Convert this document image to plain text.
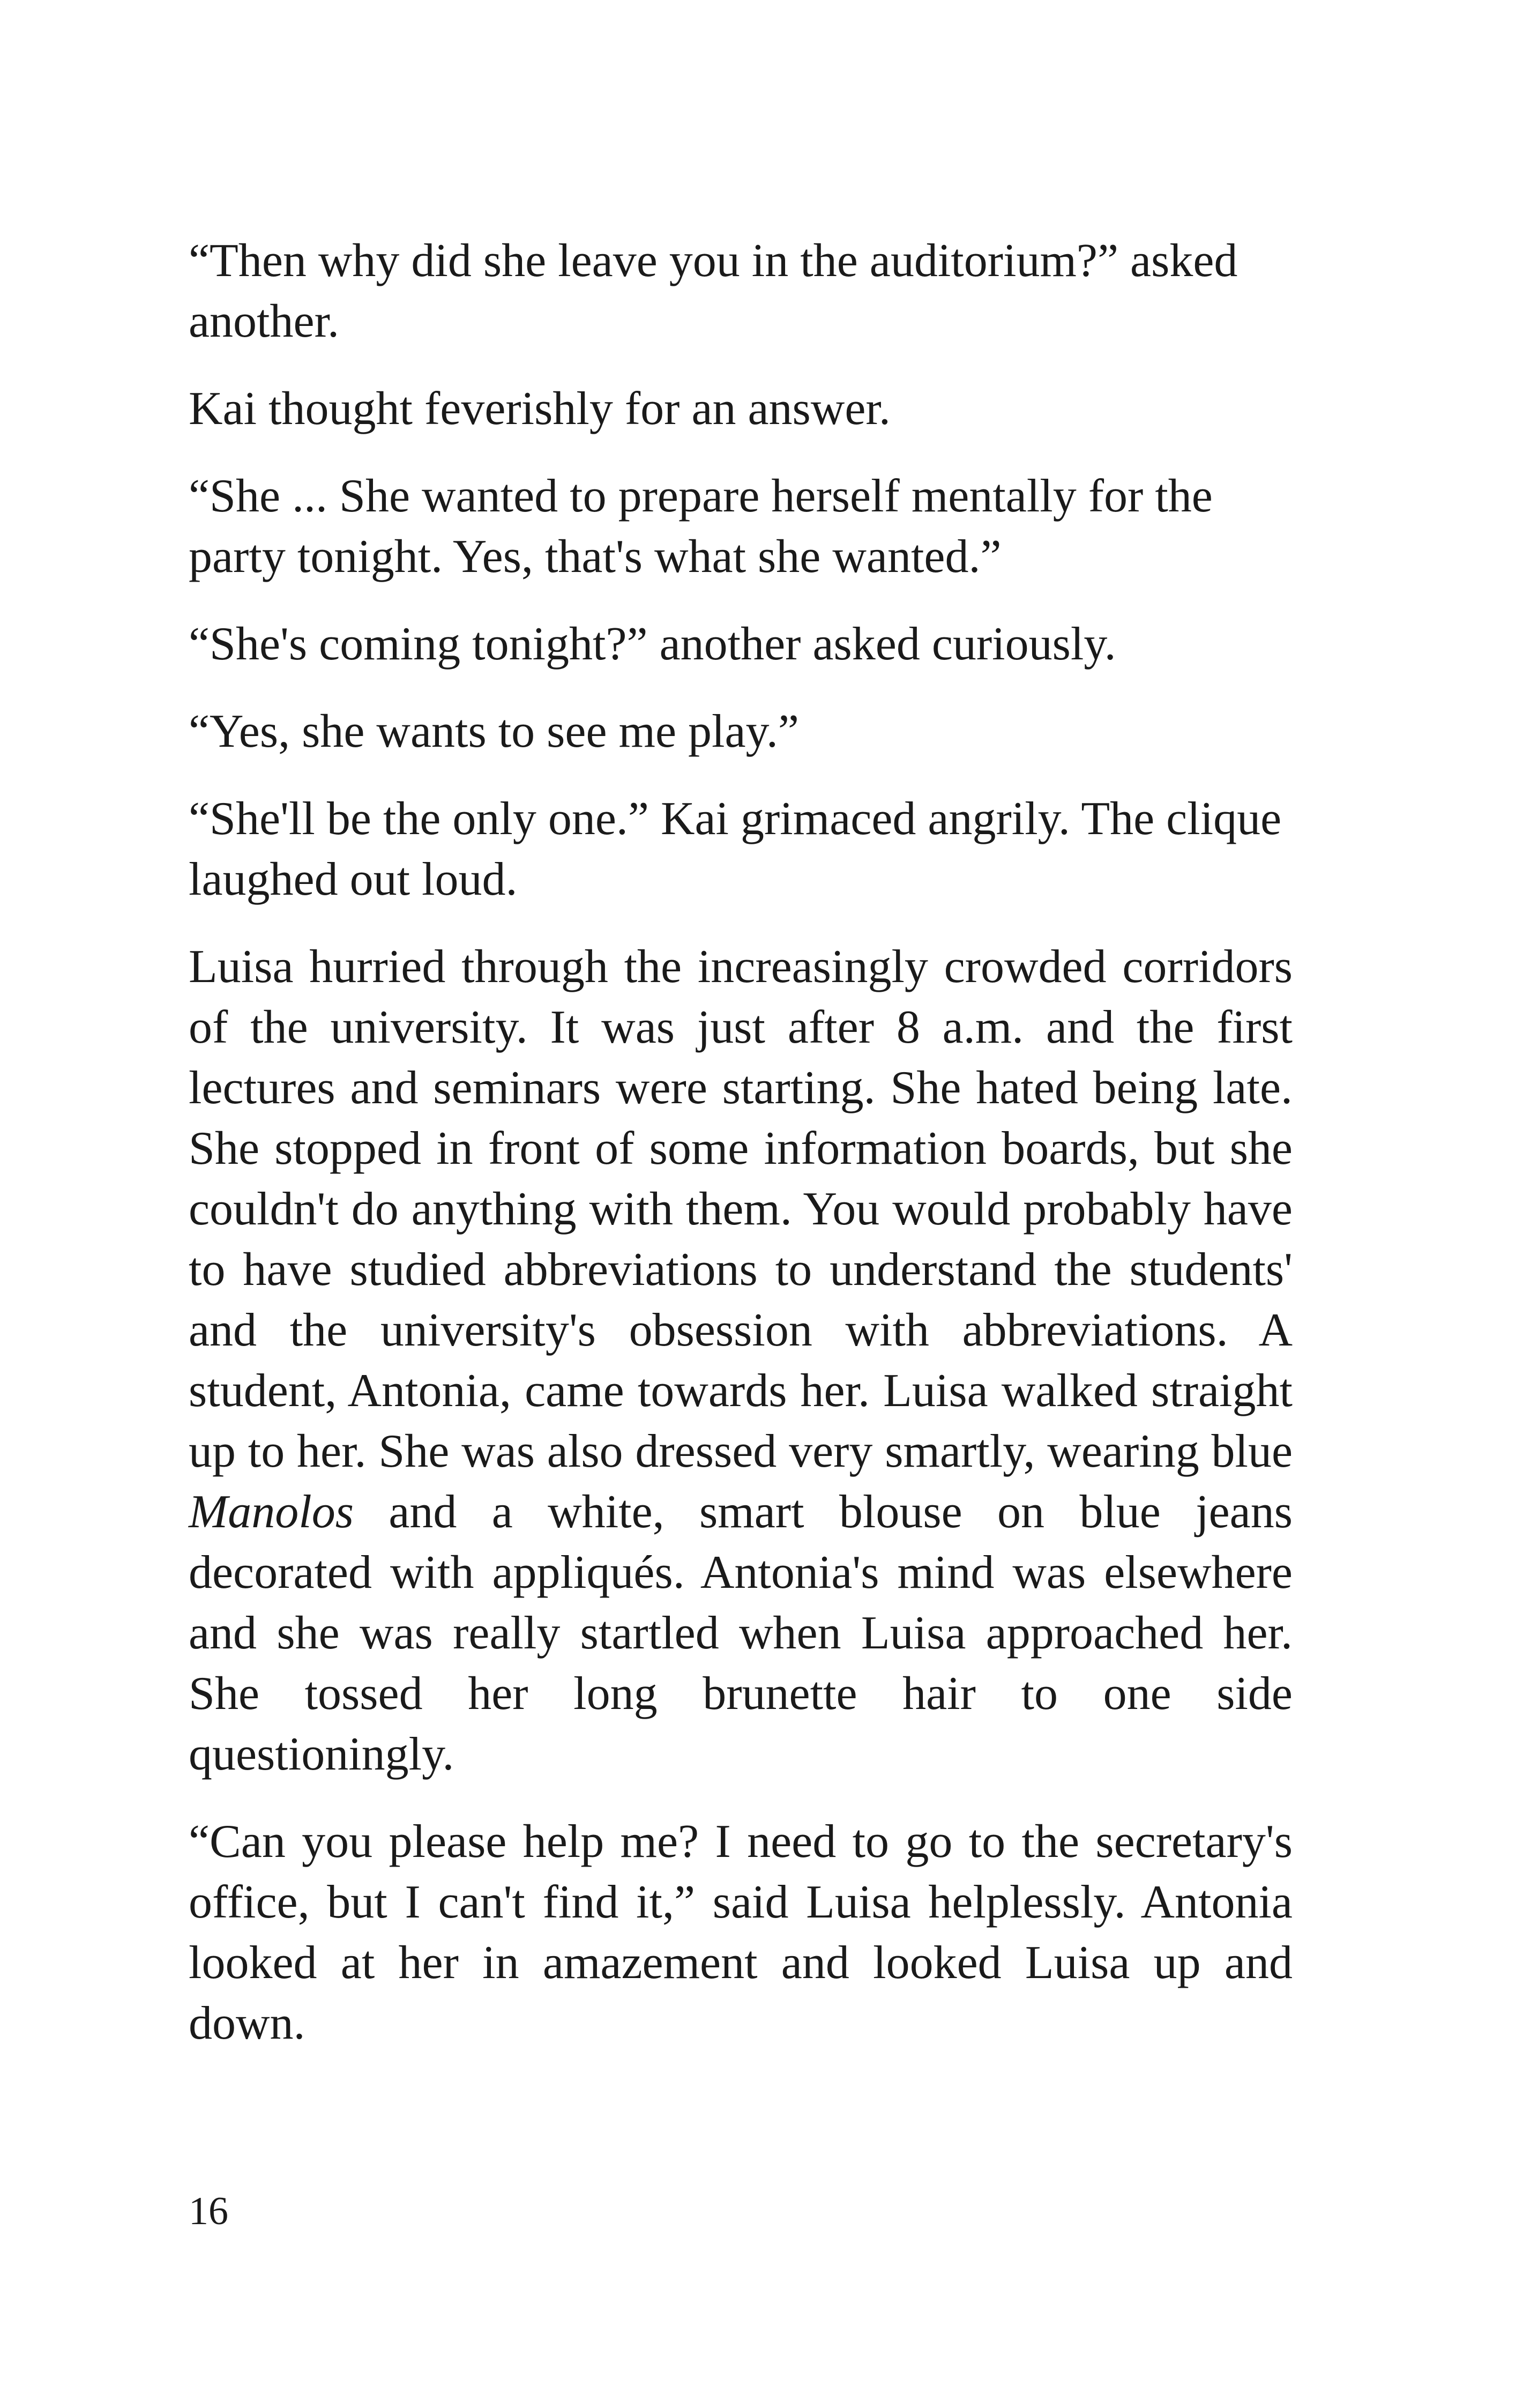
“Then why did she leave you in the auditorium?” asked another.

Kai thought feverishly for an answer.

“She ... She wanted to prepare herself mentally for the party tonight. Yes, that's what she wanted.”

“She's coming tonight?” another asked curiously.

“Yes, she wants to see me play.”

“She'll be the only one.” Kai grimaced angrily. The clique laughed out loud.

Luisa hurried through the increasingly crowded corridors of the university. It was just after 8 a.m. and the first lectures and seminars were starting. She hated being late. She stopped in front of some information boards, but she couldn't do anything with them. You would probably have to have studied abbreviations to understand the students' and the university's obsession with abbreviations. A student, Antonia, came towards her. Luisa walked straight up to her. She was also dressed very smartly, wearing blue Manolos and a white, smart blouse on blue jeans decorated with appliqués. Antonia's mind was elsewhere and she was really startled when Luisa approached her. She tossed her long brunette hair to one side questioningly.

“Can you please help me? I need to go to the secretary's office, but I can't find it,” said Luisa helplessly. Antonia looked at her in amazement and looked Luisa up and down.

16
